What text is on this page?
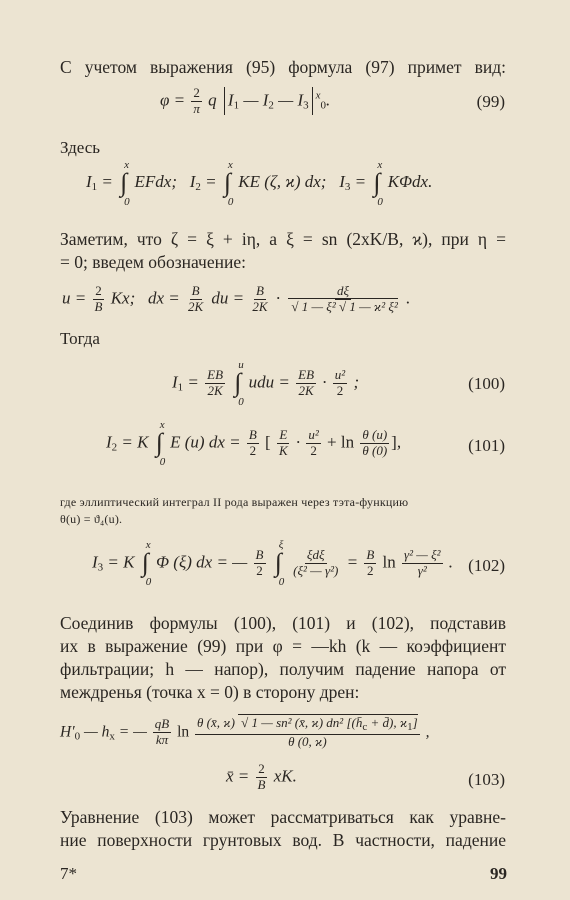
С учетом выражения (95) формула (97) примет вид:

$\varphi = \frac{2}{\pi}$ q $I_1$ — $I_2$ — $I_3^x_0$.	(99)
Здесь
$I_1$ = ∫
x
0
EFdx;   $I_2$ = ∫
x
0
KE (ζ, ϰ) dx;   $I_3$ = ∫
x
0
KΦdx.

Заметим, что ζ = ξ + iη, а ξ = sn (2xK/B, ϰ), при η =

= 0; введем обозначение:

$u = \frac{2}{B} Kx$;   dx = $\frac{B}{2K}$ du = $\frac{B}{2K} \cdot \frac{d\xi}{\text{√ 1 — ξ² √ 1 — ϰ² ξ²}}$ .
Тогда
$I_1 = \frac{EB}{2K}$ ∫
u
0
udu = $\frac{EB}{2K} \cdot \frac{\text{u²}}{2}$ ;	(100)
$I_2 = K$ ∫
x
0
E (u) dx = $\frac{B}{2}$ [ $\frac{E}{K} \cdot \frac{\text{u²}}{2} + \ln \frac{\theta (u)}{\theta (0)}$ ],	(101)

где эллиптический интеграл II рода выражен через тэта-функцию

θ(u) = ϑ₄(u).

$I_3 = K$ ∫
x
0
Φ (ξ) dx = — $\frac{B}{2}$ ∫
ξ
0

$\frac{\text{ξdξ}}{\text{(ξ² — γ²)}} = \frac{B}{2}$ $\ln \frac{\text{γ² — ξ²}}{\text{γ²}}$ . (102)

Соединив формулы (100), (101) и (102), подставив

их в выражение (99) при φ = —kh (k — коэффициент

фильтрации; h — напор), получим падение напора от

междренья (точка x = 0) в сторону дрен:

$H'_0$ — $h_x$ = — $\frac{qB}{k\pi}$ $\ln \frac{\theta (x̄, ϰ) √ 1 — sn^2 (x̄, ϰ) dn^2 [(h̄_c + d̄), ϰ_1]}{\theta (0, ϰ)}$ ,
x̄ = $\frac{2}{B}$ xK.	(103)

Уравнение (103) может рассматриваться как уравне-

ние поверхности грунтовых вод. В частности, падение

7*	99
